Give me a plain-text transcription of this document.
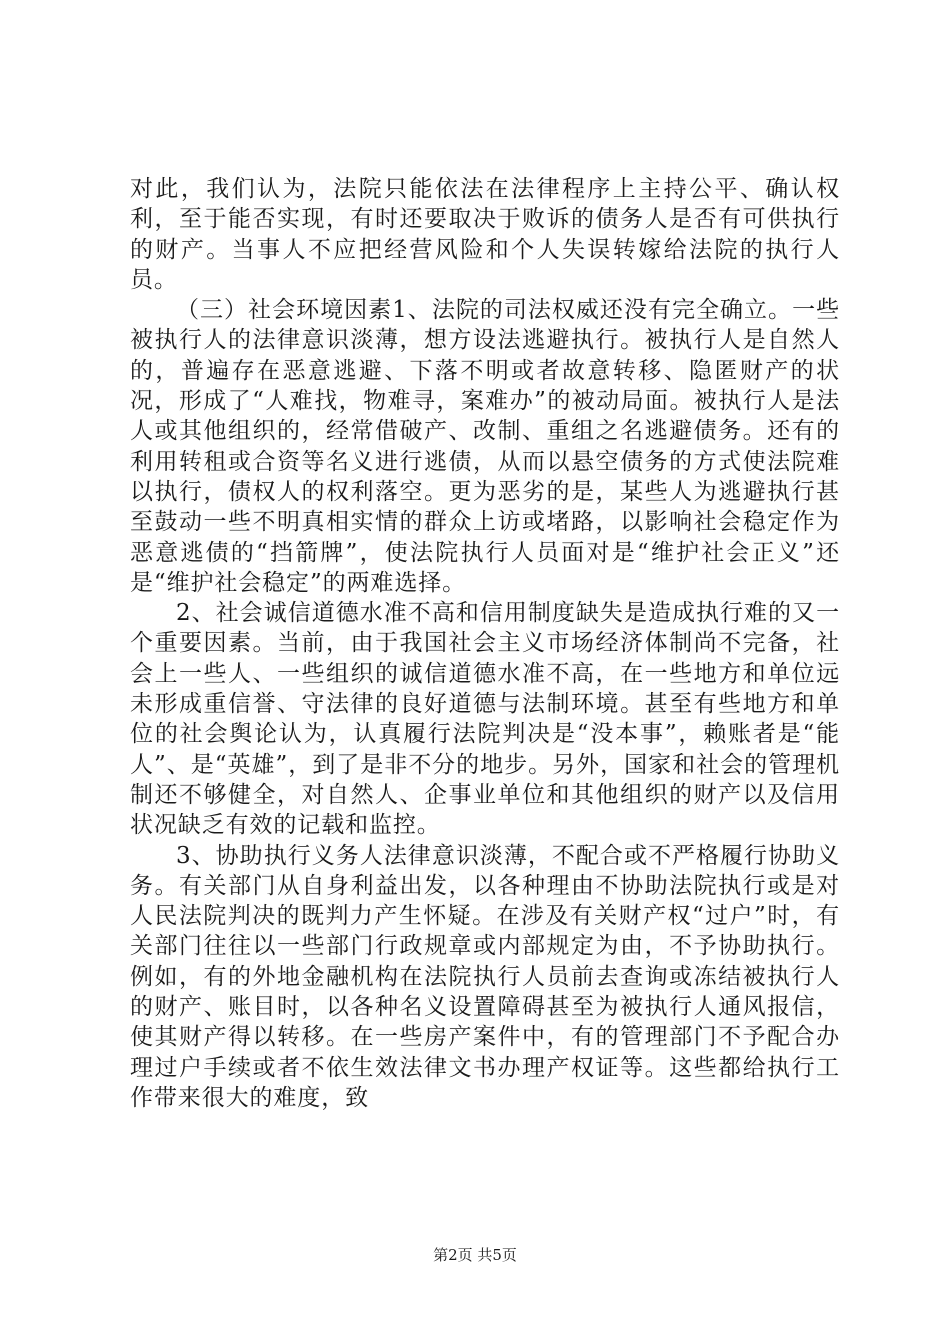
对此，我们认为，法院只能依法在法律程序上主持公平、确认权利，至于能否实现，有时还要取决于败诉的债务人是否有可供执行的财产。当事人不应把经营风险和个人失误转嫁给法院的执行人员。

（三）社会环境因素1、法院的司法权威还没有完全确立。一些被执行人的法律意识淡薄，想方设法逃避执行。被执行人是自然人的，普遍存在恶意逃避、下落不明或者故意转移、隐匿财产的状况，形成了“人难找，物难寻，案难办”的被动局面。被执行人是法人或其他组织的，经常借破产、改制、重组之名逃避债务。还有的利用转租或合资等名义进行逃债，从而以悬空债务的方式使法院难以执行，债权人的权利落空。更为恶劣的是，某些人为逃避执行甚至鼓动一些不明真相实情的群众上访或堵路，以影响社会稳定作为恶意逃债的“挡箭牌”，使法院执行人员面对是“维护社会正义”还是“维护社会稳定”的两难选择。

2、社会诚信道德水准不高和信用制度缺失是造成执行难的又一个重要因素。当前，由于我国社会主义市场经济体制尚不完备，社会上一些人、一些组织的诚信道德水准不高，在一些地方和单位远未形成重信誉、守法律的良好道德与法制环境。甚至有些地方和单位的社会舆论认为，认真履行法院判决是“没本事”，赖账者是“能人”、是“英雄”，到了是非不分的地步。另外，国家和社会的管理机制还不够健全，对自然人、企事业单位和其他组织的财产以及信用状况缺乏有效的记载和监控。

3、协助执行义务人法律意识淡薄，不配合或不严格履行协助义务。有关部门从自身利益出发，以各种理由不协助法院执行或是对人民法院判决的既判力产生怀疑。在涉及有关财产权“过户”时，有关部门往往以一些部门行政规章或内部规定为由，不予协助执行。例如，有的外地金融机构在法院执行人员前去查询或冻结被执行人的财产、账目时，以各种名义设置障碍甚至为被执行人通风报信，使其财产得以转移。在一些房产案件中，有的管理部门不予配合办理过户手续或者不依生效法律文书办理产权证等。这些都给执行工作带来很大的难度，致

第2页 共5页
